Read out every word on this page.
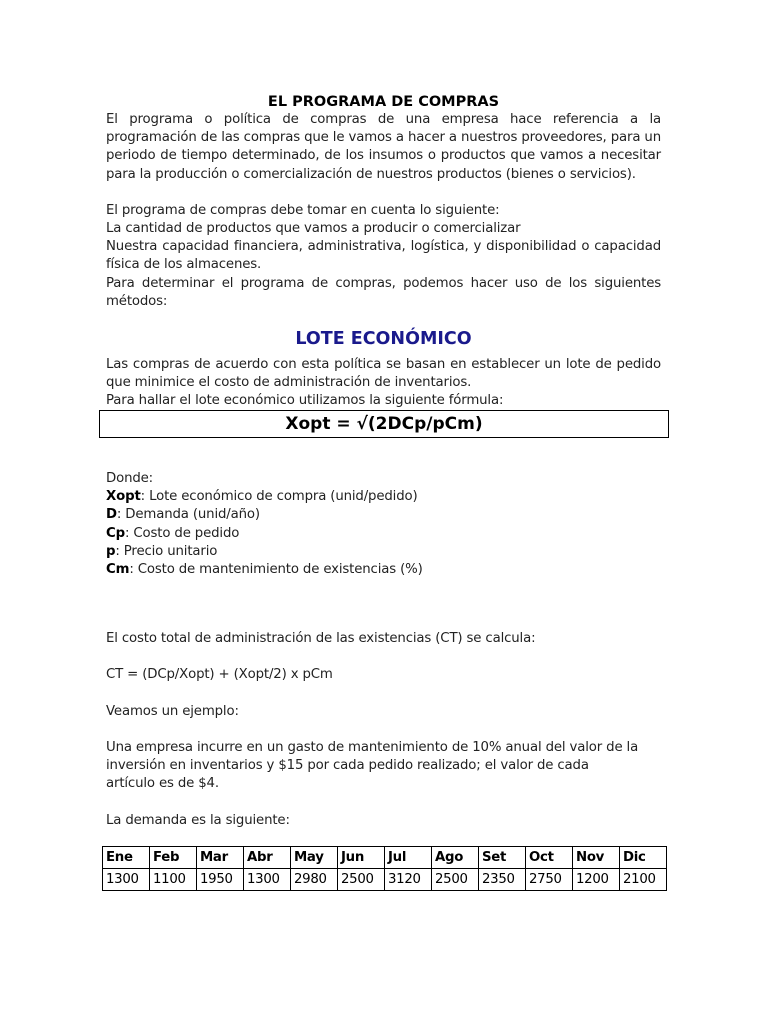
EL PROGRAMA DE COMPRAS
El programa o política de compras de una empresa hace referencia a la programación de las compras que le vamos a hacer a nuestros proveedores, para un periodo de tiempo determinado, de los insumos o productos que vamos a necesitar para la producción o comercialización de nuestros productos (bienes o servicios).
El programa de compras debe tomar en cuenta lo siguiente:
La cantidad de productos que vamos a producir o comercializar
Nuestra capacidad financiera, administrativa, logística, y disponibilidad o capacidad física de los almacenes.
Para determinar el programa de compras, podemos hacer uso de los siguientes métodos:
LOTE ECONÓMICO
Las compras de acuerdo con esta política se basan en establecer un lote de pedido que minimice el costo de administración de inventarios.
Para hallar el lote económico utilizamos la siguiente fórmula:
Xopt = √(2DCp/pCm)

Donde:

Xopt: Lote económico de compra (unid/pedido)

D: Demanda (unid/año)

Cp: Costo de pedido

p: Precio unitario

Cm: Costo de mantenimiento de existencias (%)

El costo total de administración de las existencias (CT) se calcula:
CT = (DCp/Xopt) + (Xopt/2) x pCm
Veamos un ejemplo:

Una empresa incurre en un gasto de mantenimiento de 10% anual del valor de la

inversión en inventarios y $15 por cada pedido realizado; el valor de cada

artículo es de $4.

La demanda es la siguiente:
Ene	Feb	Mar	Abr	May	Jun	Jul	Ago	Set	Oct	Nov	Dic
1300	1100	1950	1300	2980	2500	3120	2500	2350	2750	1200	2100
